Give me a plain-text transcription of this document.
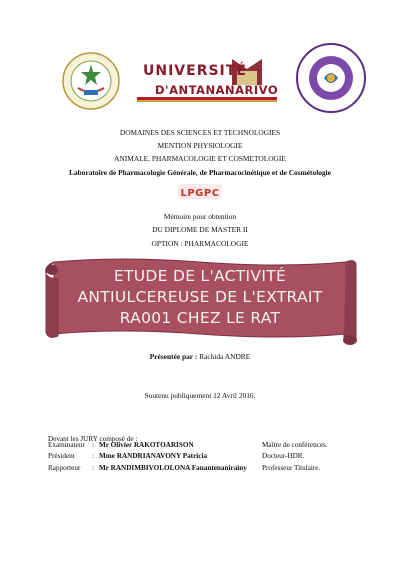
UNIVERSITÉ
D'ANTANANARIVO
DOMAINES DES SCIENCES ET TECHNOLOGIES
MENTION PHYSIOLOGIE
ANIMALE, PHARMACOLOGIE ET COSMETOLOGIE
Laboratoire de Pharmacologie Générale, de Pharmacocinétique et de Cosmétologie
LPGPC
Mémoire pour obtention
DU DIPLOME DE MASTER II
OPTION : PHARMACOLOGIE
ETUDE DE L'ACTIVITÉ
ANTIULCEREUSE DE L'EXTRAIT
RA001 CHEZ LE RAT
Présentée par : Rachida ANDRE
Soutenu publiquement 12 Avril 2016.
Devant les JURY composé de :
Examinateur : Mr Olivier RAKOTOARISON	Maître de conférences.
Président : Mme RANDRIANAVONY Patricia	Docteur-HDR.
Rapporteur : Mr RANDIMBIVOLOLONA Fanantenanirainy Professeur Titulaire.
